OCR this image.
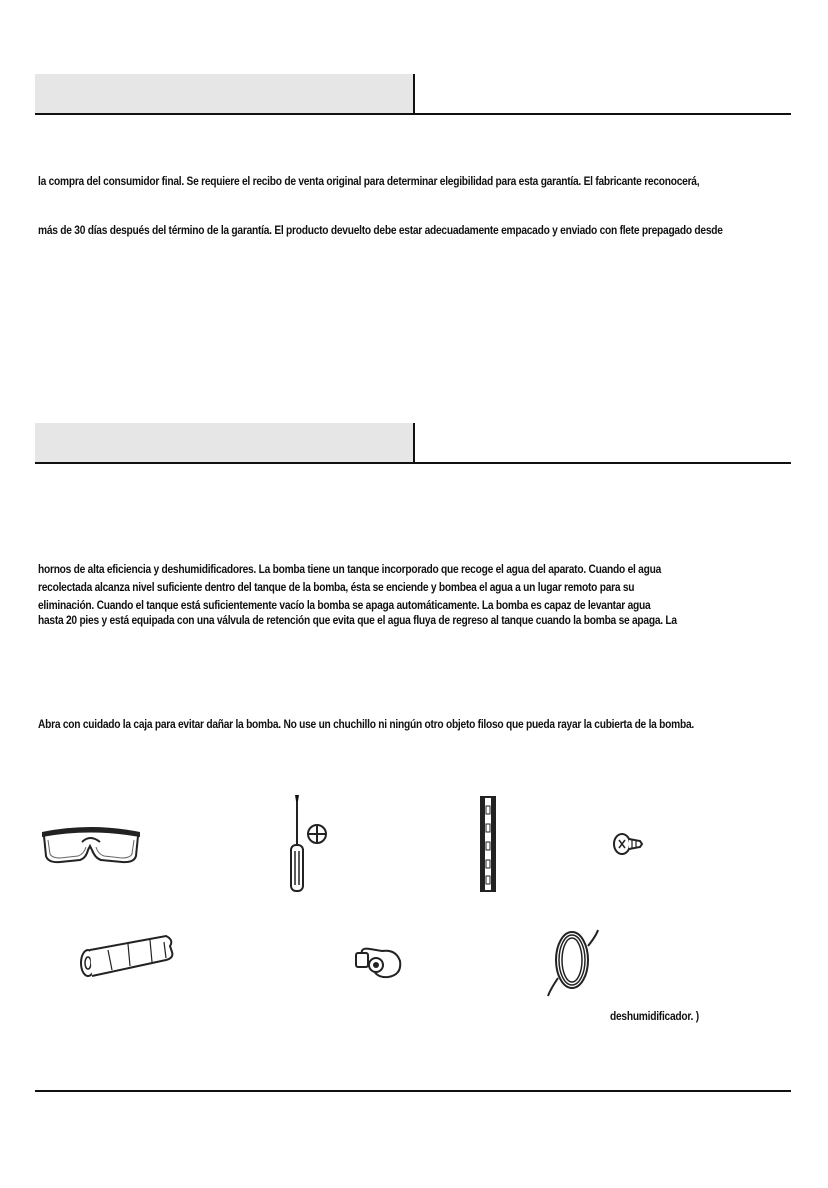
la compra del consumidor final. Se requiere el recibo de venta original para determinar elegibilidad para esta garantía. El fabricante reconocerá,
más de 30 días después del término de la garantía. El producto devuelto debe estar adecuadamente empacado y enviado con flete prepagado desde
hornos de alta eficiencia y deshumidificadores. La bomba tiene un tanque incorporado que recoge el agua del aparato. Cuando el agua
recolectada alcanza nivel suficiente dentro del tanque de la bomba, ésta se enciende y bombea el agua a un lugar remoto para su
eliminación. Cuando el tanque está suficientemente vacío la bomba se apaga automáticamente. La bomba es capaz de levantar agua
hasta 20 pies y está equipada con una válvula de retención que evita que el agua fluya de regreso al tanque cuando la bomba se apaga. La
Abra con cuidado la caja para evitar dañar la bomba. No use un chuchillo ni ningún otro objeto filoso que pueda rayar la cubierta de la bomba.
deshumidificador. )
